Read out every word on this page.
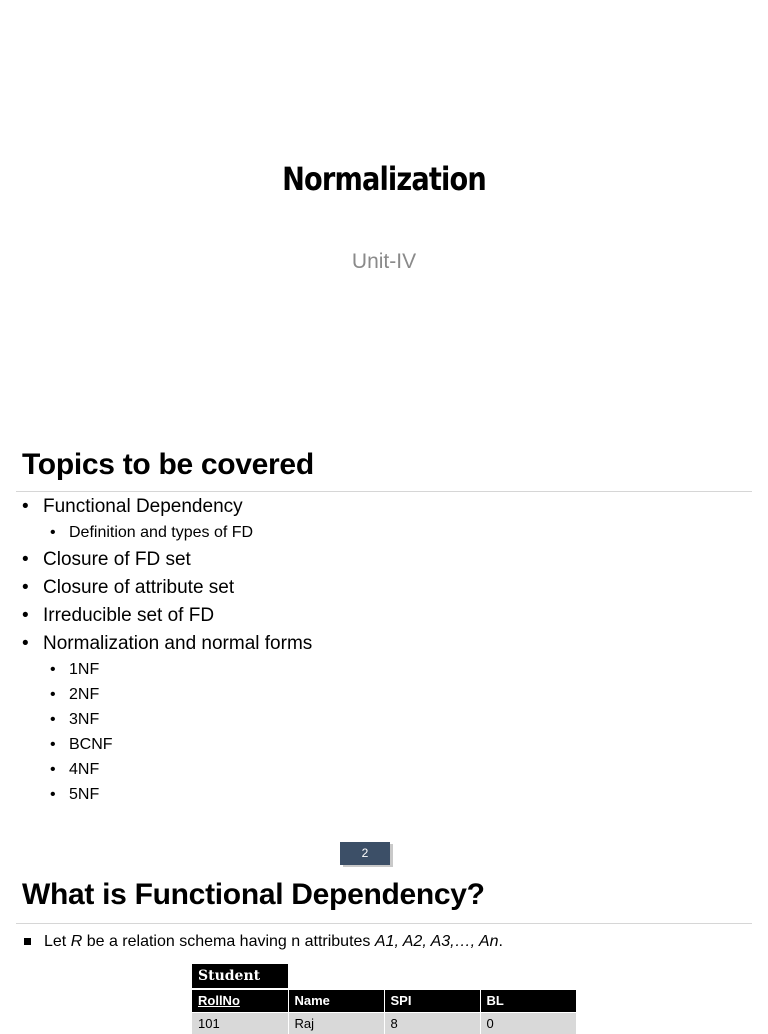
Normalization
Unit-IV
Topics to be covered
• Functional Dependency
• Definition and types of FD
• Closure of FD set
• Closure of attribute set
• Irreducible set of FD
• Normalization and normal forms
• 1NF
• 2NF
• 3NF
• BCNF
• 4NF
• 5NF
2
What is Functional Dependency?
Let R be a relation schema having n attributes A1, A2, A3,…, An.
Student
RollNo	Name	SPI	BL
101	Raj	8	0
